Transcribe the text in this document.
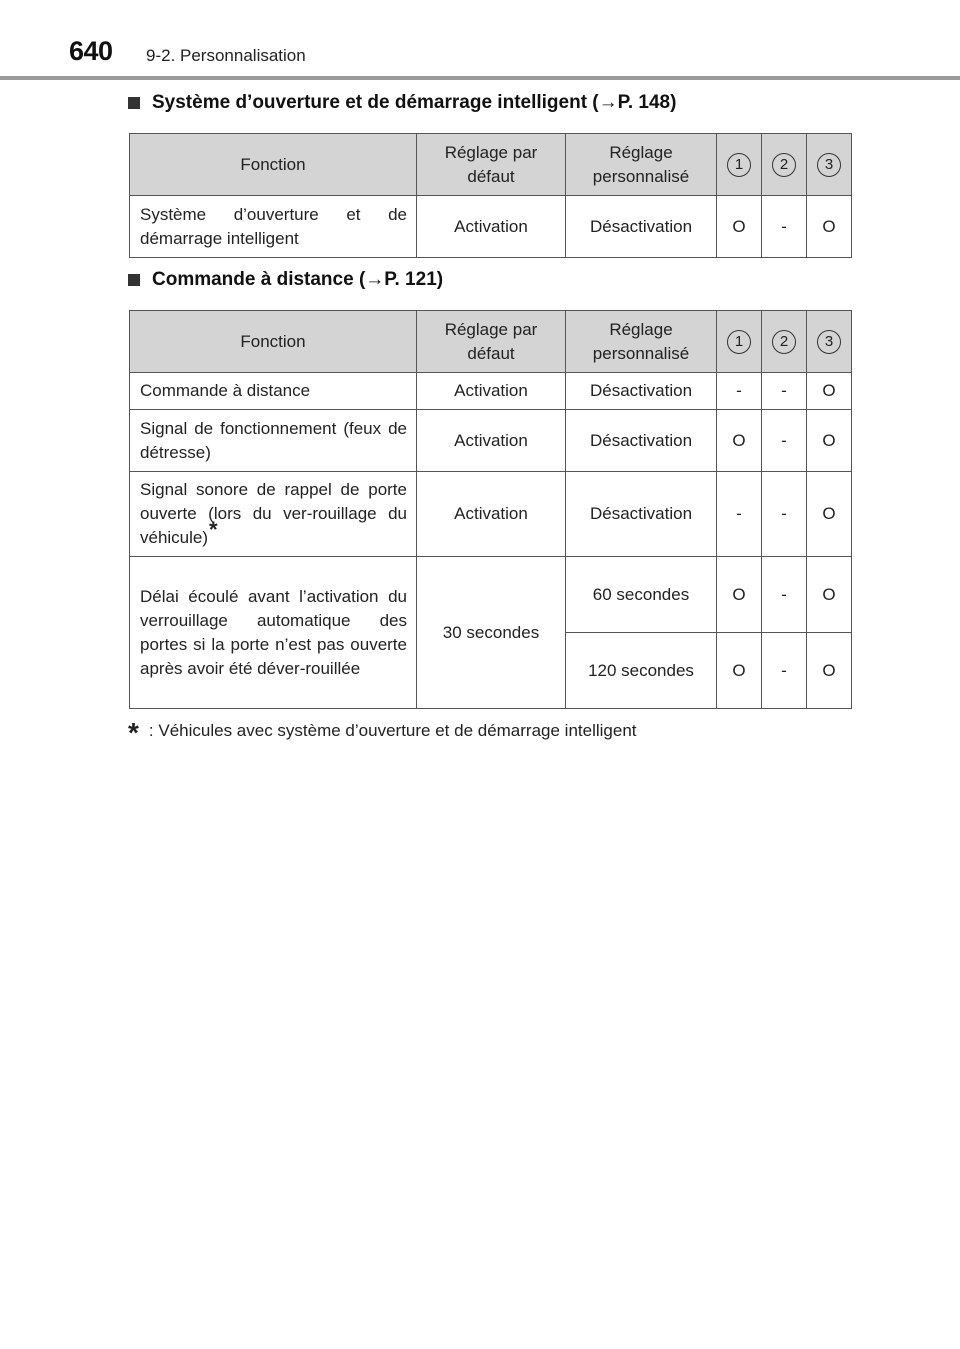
640 9-2. Personnalisation
Système d’ouverture et de démarrage intelligent (→P. 148)
Fonction	Réglage par défaut	Réglage personnalisé	1	2	3
Système d’ouverture et de démarrage intelligent	Activation	Désactivation	O	-	O
Commande à distance (→P. 121)
Fonction	Réglage par défaut	Réglage personnalisé	1	2	3
Commande à distance	Activation	Désactivation	-	-	O
Signal de fonctionnement (feux de détresse)	Activation	Désactivation	O	-	O
Signal sonore de rappel de porte ouverte (lors du ver-rouillage du véhicule)*	Activation	Désactivation	-	-	O
Délai écoulé avant l’activation du verrouillage automatique des portes si la porte n’est pas ouverte après avoir été déver-rouillée	30 secondes	60 secondes	O	-	O
		120 secondes	O	-	O
* : Véhicules avec système d’ouverture et de démarrage intelligent
